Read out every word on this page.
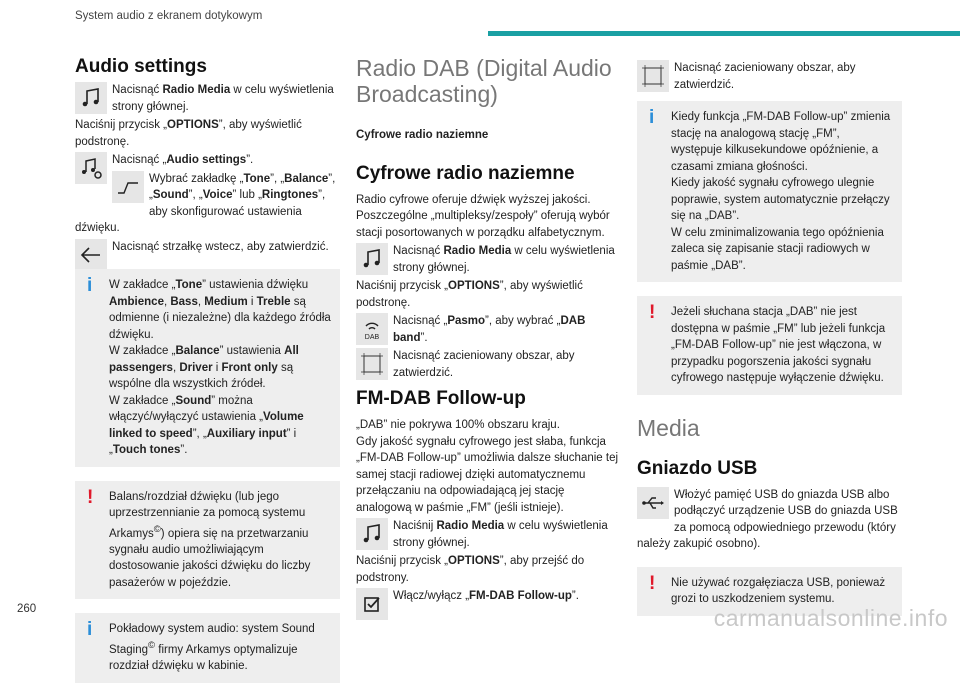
System audio z ekranem dotykowym
Audio settings
Nacisnąć Radio Media w celu wyświetlenia strony głównej.

Naciśnij przycisk „OPTIONS”, aby wyświetlić podstronę.

Nacisnąć „Audio settings”.
Wybrać zakładkę „Tone”, „Balance”, „Sound”, „Voice” lub „Ringtones”, aby skonfigurować ustawienia dźwięku.
Nacisnąć strzałkę wstecz, aby zatwierdzić.
i W zakładce „Tone” ustawienia dźwięku Ambience, Bass, Medium i Treble są odmienne (i niezależne) dla każdego źródła dźwięku.

W zakładce „Balance” ustawienia All passengers, Driver i Front only są wspólne dla wszystkich źródeł.

W zakładce „Sound” można włączyć/wyłączyć ustawienia „Volume linked to speed”, „Auxiliary input” i „Touch tones”.

! Balans/rozdział dźwięku (lub jego uprzestrzennianie za pomocą systemu Arkamys©) opiera się na przetwarzaniu sygnału audio umożliwiającym dostosowanie jakości dźwięku do liczby pasażerów w pojeździe.

i Pokładowy system audio: system Sound Staging© firmy Arkamys optymalizuje rozdział dźwięku w kabinie.

Radio DAB (Digital Audio Broadcasting)
Cyfrowe radio naziemne
Cyfrowe radio naziemne

Radio cyfrowe oferuje dźwięk wyższej jakości.

Poszczególne „multipleksy/zespoły” oferują wybór stacji posortowanych w porządku alfabetycznym.

Nacisnąć Radio Media w celu wyświetlenia strony głównej.

Naciśnij przycisk „OPTIONS”, aby wyświetlić podstronę.

DAB
Nacisnąć „Pasmo”, aby wybrać „DAB band”.
Nacisnąć zacieniowany obszar, aby zatwierdzić.
FM-DAB Follow-up

„DAB” nie pokrywa 100% obszaru kraju.

Gdy jakość sygnału cyfrowego jest słaba, funkcja „FM-DAB Follow-up” umożliwia dalsze słuchanie tej samej stacji radiowej dzięki automatycznemu przełączaniu na odpowiadającą jej stację analogową w paśmie „FM” (jeśli istnieje).

Naciśnij Radio Media w celu wyświetlenia strony głównej.

Naciśnij przycisk „OPTIONS”, aby przejść do podstrony.

Włącz/wyłącz „FM-DAB Follow-up”.
Nacisnąć zacieniowany obszar, aby zatwierdzić.
i Kiedy funkcja „FM-DAB Follow-up” zmienia stację na analogową stację „FM”, występuje kilkusekundowe opóźnienie, a czasami zmiana głośności.

Kiedy jakość sygnału cyfrowego ulegnie poprawie, system automatycznie przełączy się na „DAB”.

W celu zminimalizowania tego opóźnienia zaleca się zapisanie stacji radiowych w paśmie „DAB”.

! Jeżeli słuchana stacja „DAB” nie jest dostępna w paśmie „FM” lub jeżeli funkcja „FM-DAB Follow-up” nie jest włączona, w przypadku pogorszenia jakości sygnału cyfrowego następuje wyłączenie dźwięku.

Media
Gniazdo USB
Włożyć pamięć USB do gniazda USB albo podłączyć urządzenie USB do gniazda USB za pomocą odpowiedniego przewodu (który należy zakupić osobno).
! Nie używać rozgałęziacza USB, ponieważ grozi to uszkodzeniem systemu.

260	carmanualsonline.info
